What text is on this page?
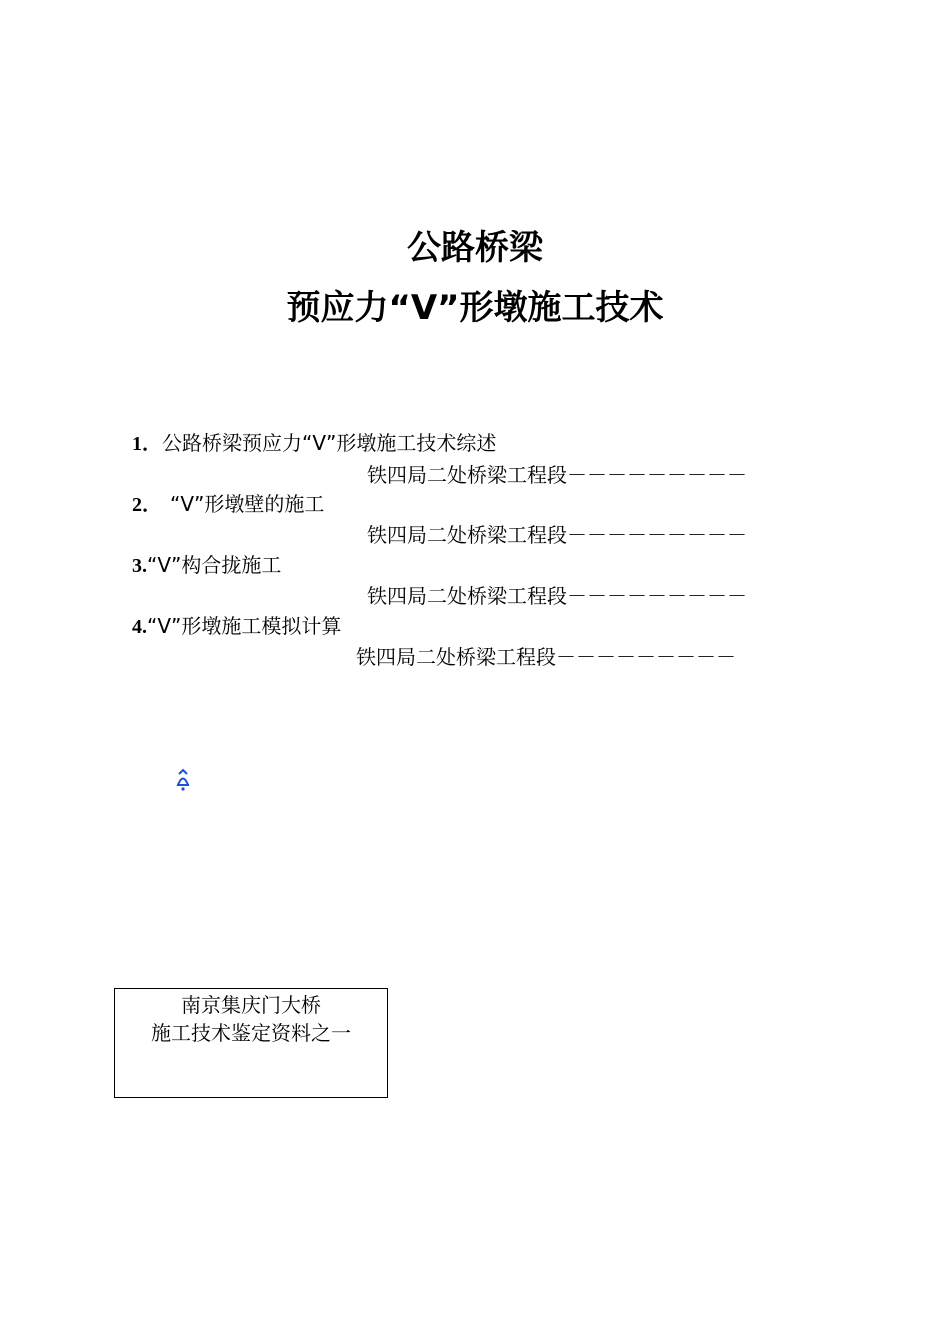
公路桥梁
预应力“V”形墩施工技术
1．公路桥梁预应力“V”形墩施工技术综述
铁四局二处桥梁工程段－－－－－－－－－
2． “V”形墩壁的施工
铁四局二处桥梁工程段－－－－－－－－－
3.“V”构合拢施工
铁四局二处桥梁工程段－－－－－－－－－
4.“V”形墩施工模拟计算
铁四局二处桥梁工程段－－－－－－－－－
南京集庆门大桥
施工技术鉴定资料之一
